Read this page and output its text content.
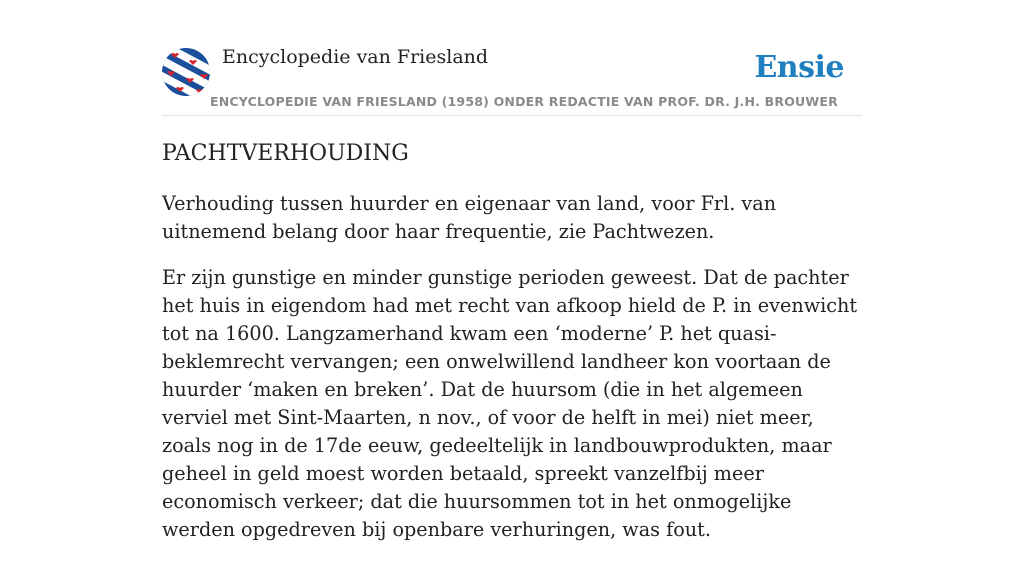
Encyclopedie van Friesland
ENCYCLOPEDIE VAN FRIESLAND (1958) ONDER REDACTIE VAN PROF. DR. J.H. BROUWER
Ensie
PACHTVERHOUDING

Verhouding tussen huurder en eigenaar van land, voor Frl. van uitnemend belang door haar frequentie, zie Pachtwezen.

Er zijn gunstige en minder gunstige perioden geweest. Dat de pachter het huis in eigendom had met recht van afkoop hield de P. in evenwicht tot na 1600. Langzamerhand kwam een ‘moderne’ P. het quasi-beklemrecht vervangen; een onwelwillend landheer kon voortaan de huurder ‘maken en breken’. Dat de huursom (die in het algemeen verviel met Sint-Maarten, n nov., of voor de helft in mei) niet meer, zoals nog in de 17de eeuw, gedeeltelijk in landbouwprodukten, maar geheel in geld moest worden betaald, spreekt vanzelfbij meer economisch verkeer; dat die huursommen tot in het onmogelijke werden opgedreven bij openbare verhuringen, was fout.
